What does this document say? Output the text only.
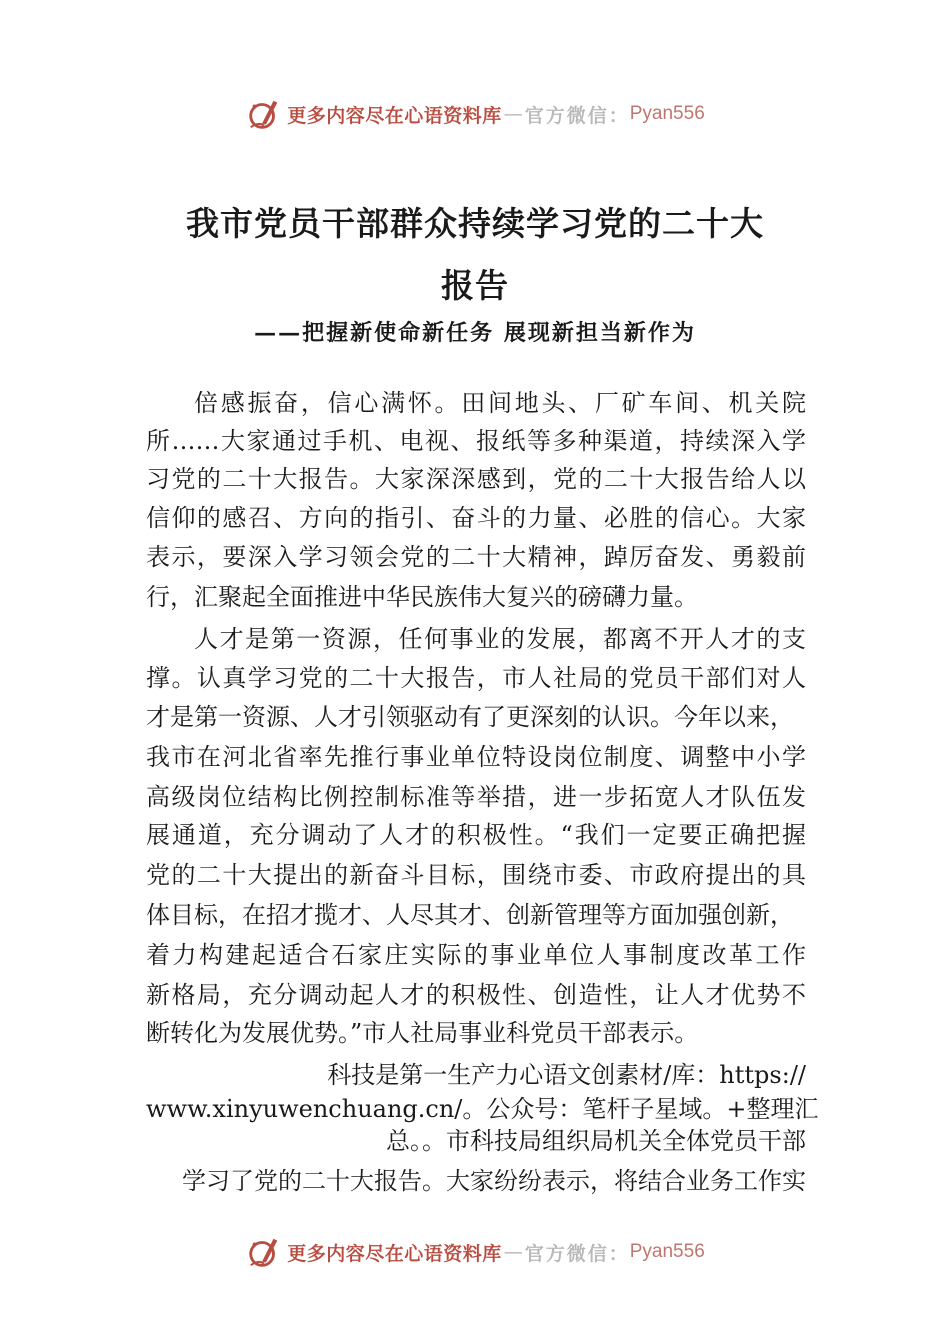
更多内容尽在心语资料库 — 官方微信： Pyan556
我市党员干部群众持续学习党的二十大
报告
——把握新使命新任务 展现新担当新作为
倍感振奋，信心满怀。田间地头、厂矿车间、机关院
所……大家通过手机、电视、报纸等多种渠道，持续深入学
习党的二十大报告。大家深深感到，党的二十大报告给人以
信仰的感召、方向的指引、奋斗的力量、必胜的信心。大家
表示，要深入学习领会党的二十大精神，踔厉奋发、勇毅前
行，汇聚起全面推进中华民族伟大复兴的磅礴力量。
人才是第一资源，任何事业的发展，都离不开人才的支
撑。认真学习党的二十大报告，市人社局的党员干部们对人
才是第一资源、人才引领驱动有了更深刻的认识。今年以来，
我市在河北省率先推行事业单位特设岗位制度、调整中小学
高级岗位结构比例控制标准等举措，进一步拓宽人才队伍发
展通道，充分调动了人才的积极性。“我们一定要正确把握
党的二十大提出的新奋斗目标，围绕市委、市政府提出的具
体目标，在招才揽才、人尽其才、创新管理等方面加强创新，
着力构建起适合石家庄实际的事业单位人事制度改革工作
新格局，充分调动起人才的积极性、创造性，让人才优势不
断转化为发展优势。”市人社局事业科党员干部表示。
科技是第一生产力心语文创素材/库：https://
www.xinyuwenchuang.cn/。公众号：笔杆子星域。+整理汇
总。。市科技局组织局机关全体党员干部
学习了党的二十大报告。大家纷纷表示，将结合业务工作实
更多内容尽在心语资料库 — 官方微信： Pyan556
